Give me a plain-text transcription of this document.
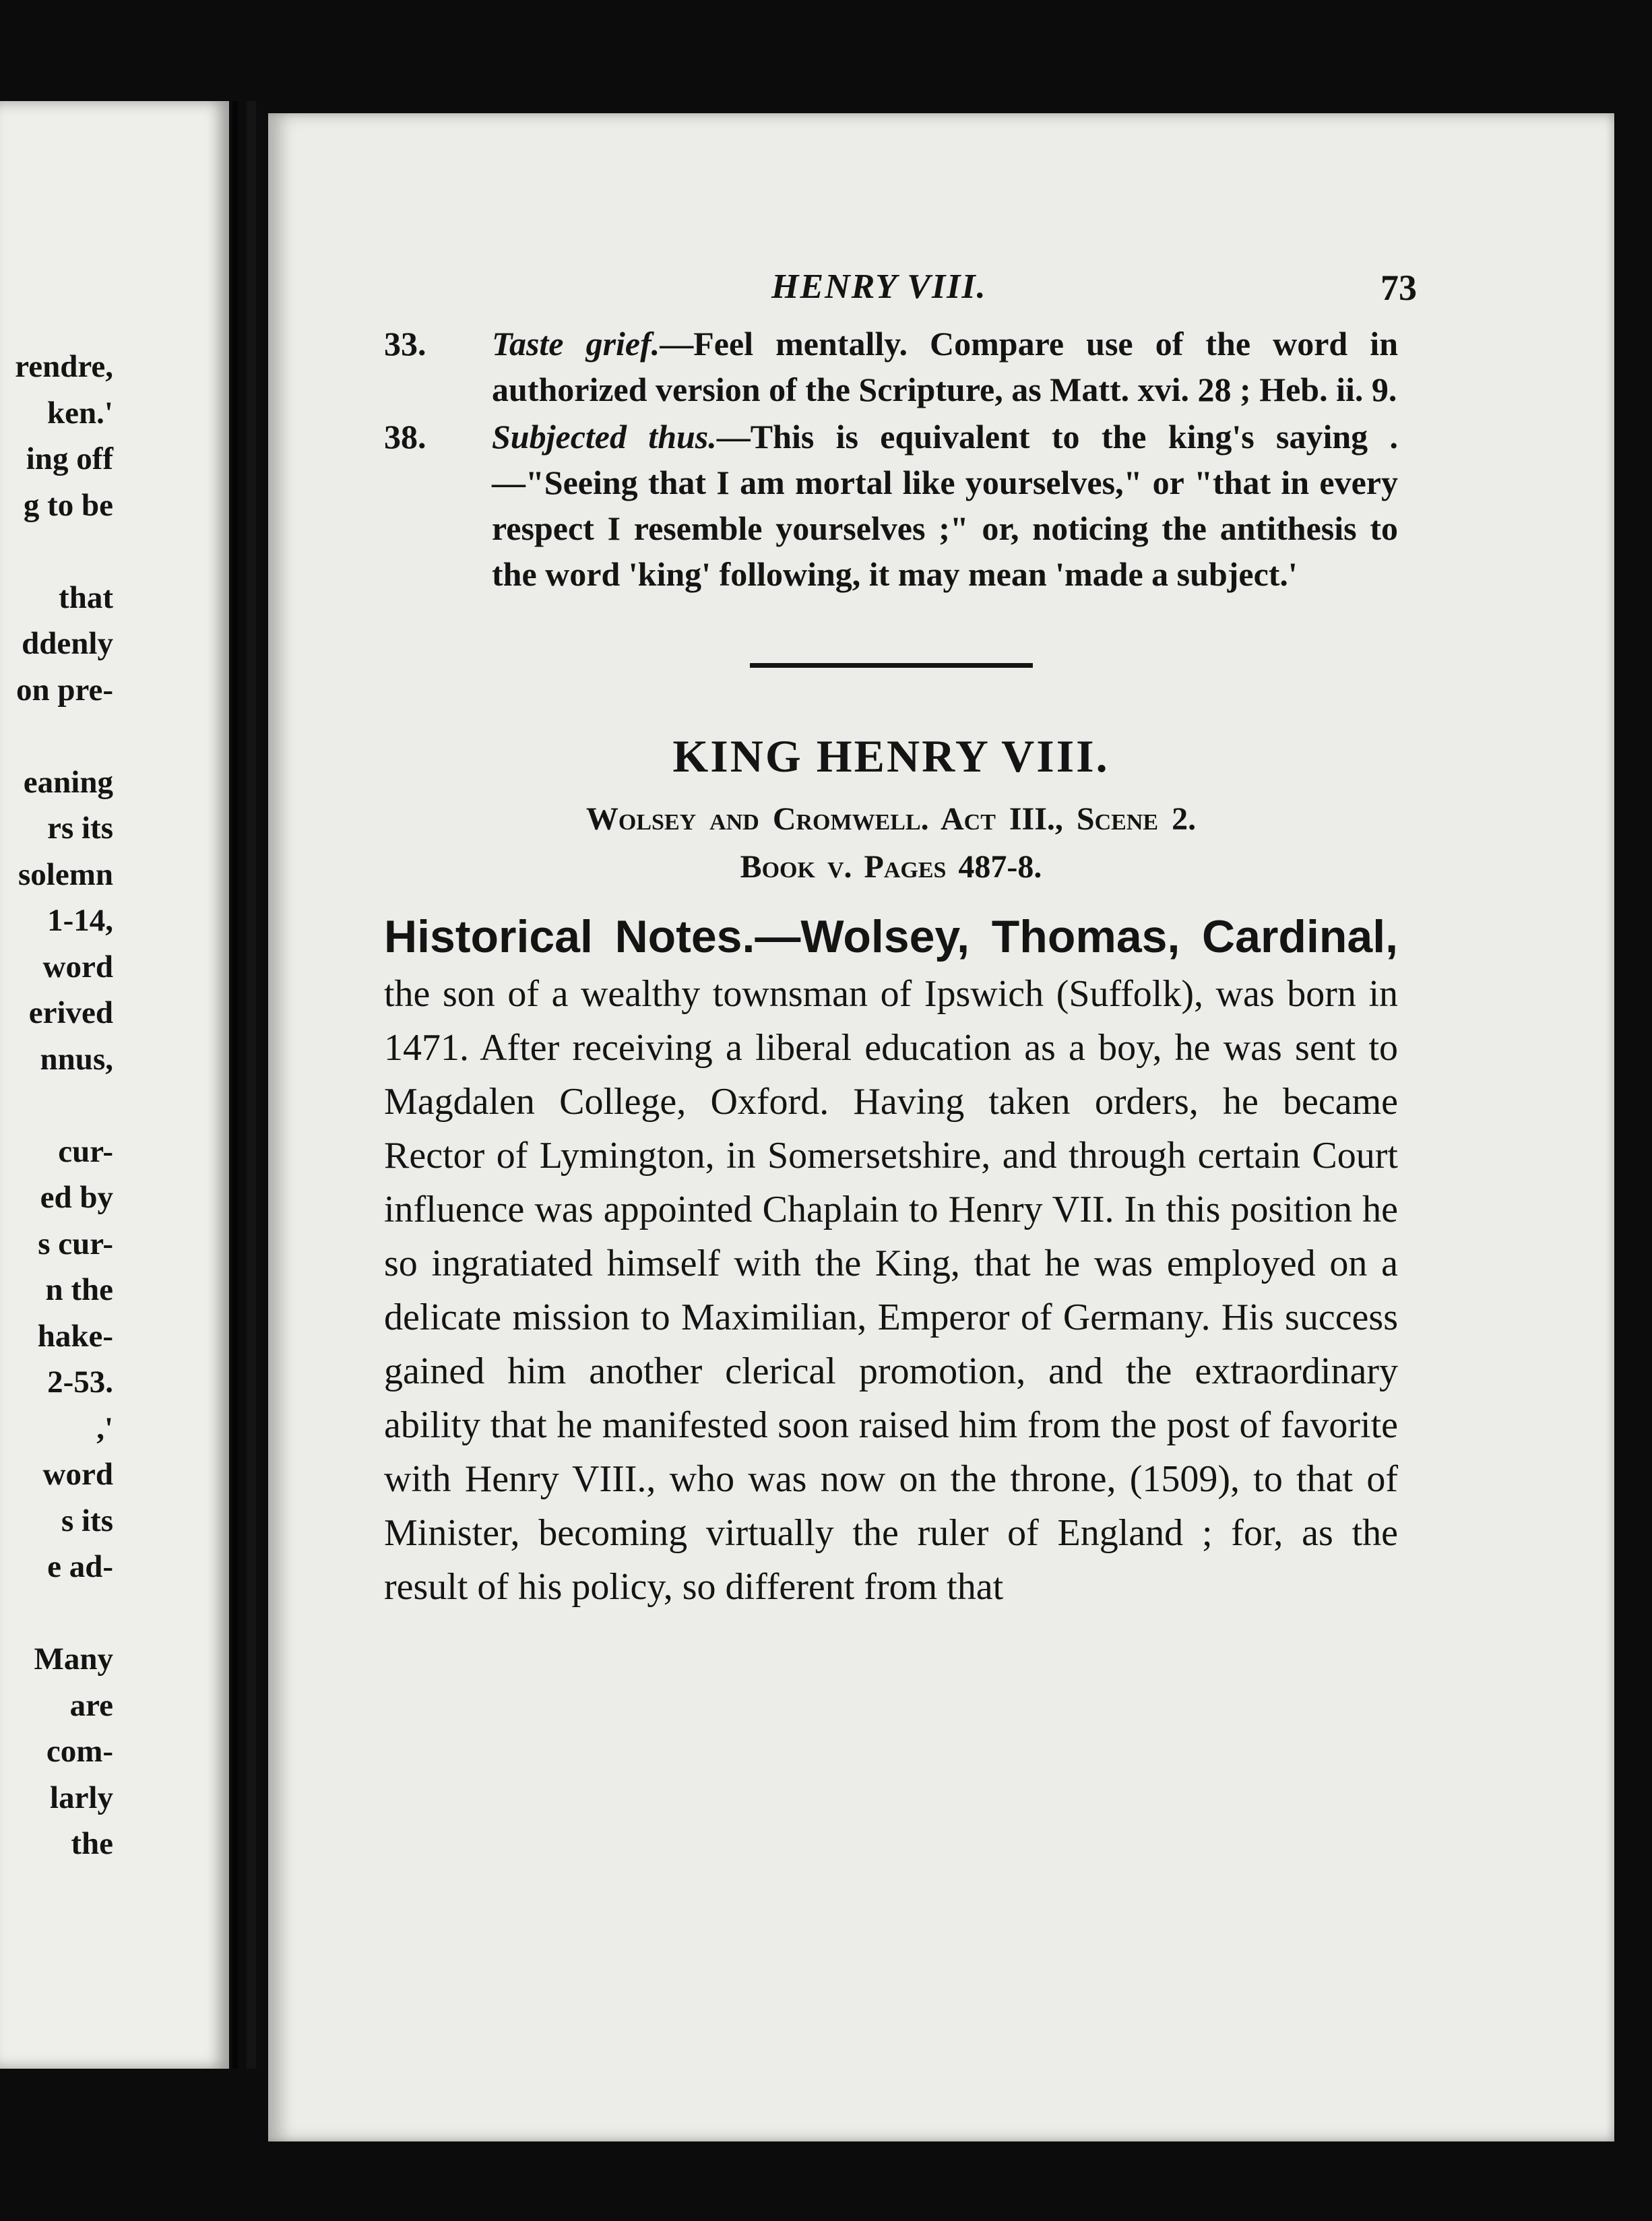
rendre,
ken.'
ing off
g to be
that
ddenly
on pre-
eaning
rs its
solemn
1-14,
word
erived
nnus,
cur-
ed by
s cur-
n the
hake-
2-53.
,'
word
s its
e ad-
Many
are
com-
larly
the
HENRY VIII.	73
33. Taste grief.—Feel mentally. Compare use of the word in authorized version of the Scripture, as Matt. xvi. 28 ; Heb. ii. 9.
38. Subjected thus.—This is equivalent to the king's saying .—"Seeing that I am mortal like yourselves," or "that in every respect I resemble yourselves ;" or, noticing the antithesis to the word 'king' following, it may mean 'made a subject.'
KING HENRY VIII.
Wolsey and Cromwell. Act III., Scene 2.
Book v. Pages 487-8.
Historical Notes.—Wolsey, Thomas, Cardinal, the son of a wealthy townsman of Ipswich (Suffolk), was born in 1471. After receiving a liberal education as a boy, he was sent to Magdalen College, Oxford. Having taken orders, he became Rector of Lymington, in Somersetshire, and through certain Court influence was appointed Chaplain to Henry VII. In this position he so ingratiated himself with the King, that he was employed on a delicate mission to Maximilian, Emperor of Germany. His success gained him another clerical promotion, and the extraordinary ability that he manifested soon raised him from the post of favorite with Henry VIII., who was now on the throne, (1509), to that of Minister, becoming virtually the ruler of England ; for, as the result of his policy, so different from that
